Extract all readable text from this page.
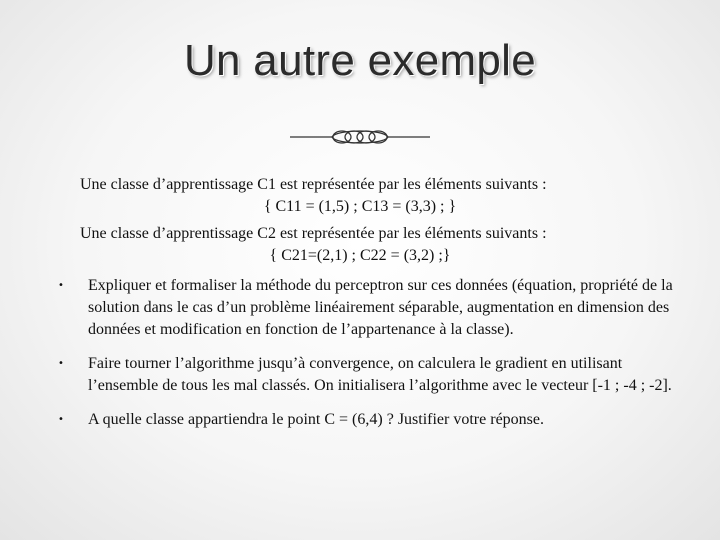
Un autre exemple
Une classe d’apprentissage C1 est représentée par les éléments suivants :
{ C11 = (1,5) ; C13 = (3,3) ; }
Une classe d’apprentissage C2 est représentée par les éléments suivants :
{ C21=(2,1) ; C22 = (3,2) ;}
• Expliquer et formaliser la méthode du perceptron sur ces données (équation, propriété de la solution dans le cas d’un problème linéairement séparable, augmentation en dimension des données et modification en fonction de l’appartenance à la classe).
• Faire tourner l’algorithme jusqu’à convergence, on calculera le gradient en utilisant l’ensemble de tous les mal classés. On initialisera l’algorithme avec le vecteur [-1 ; -4 ; -2].
• A quelle classe appartiendra le point C = (6,4) ? Justifier votre réponse.
